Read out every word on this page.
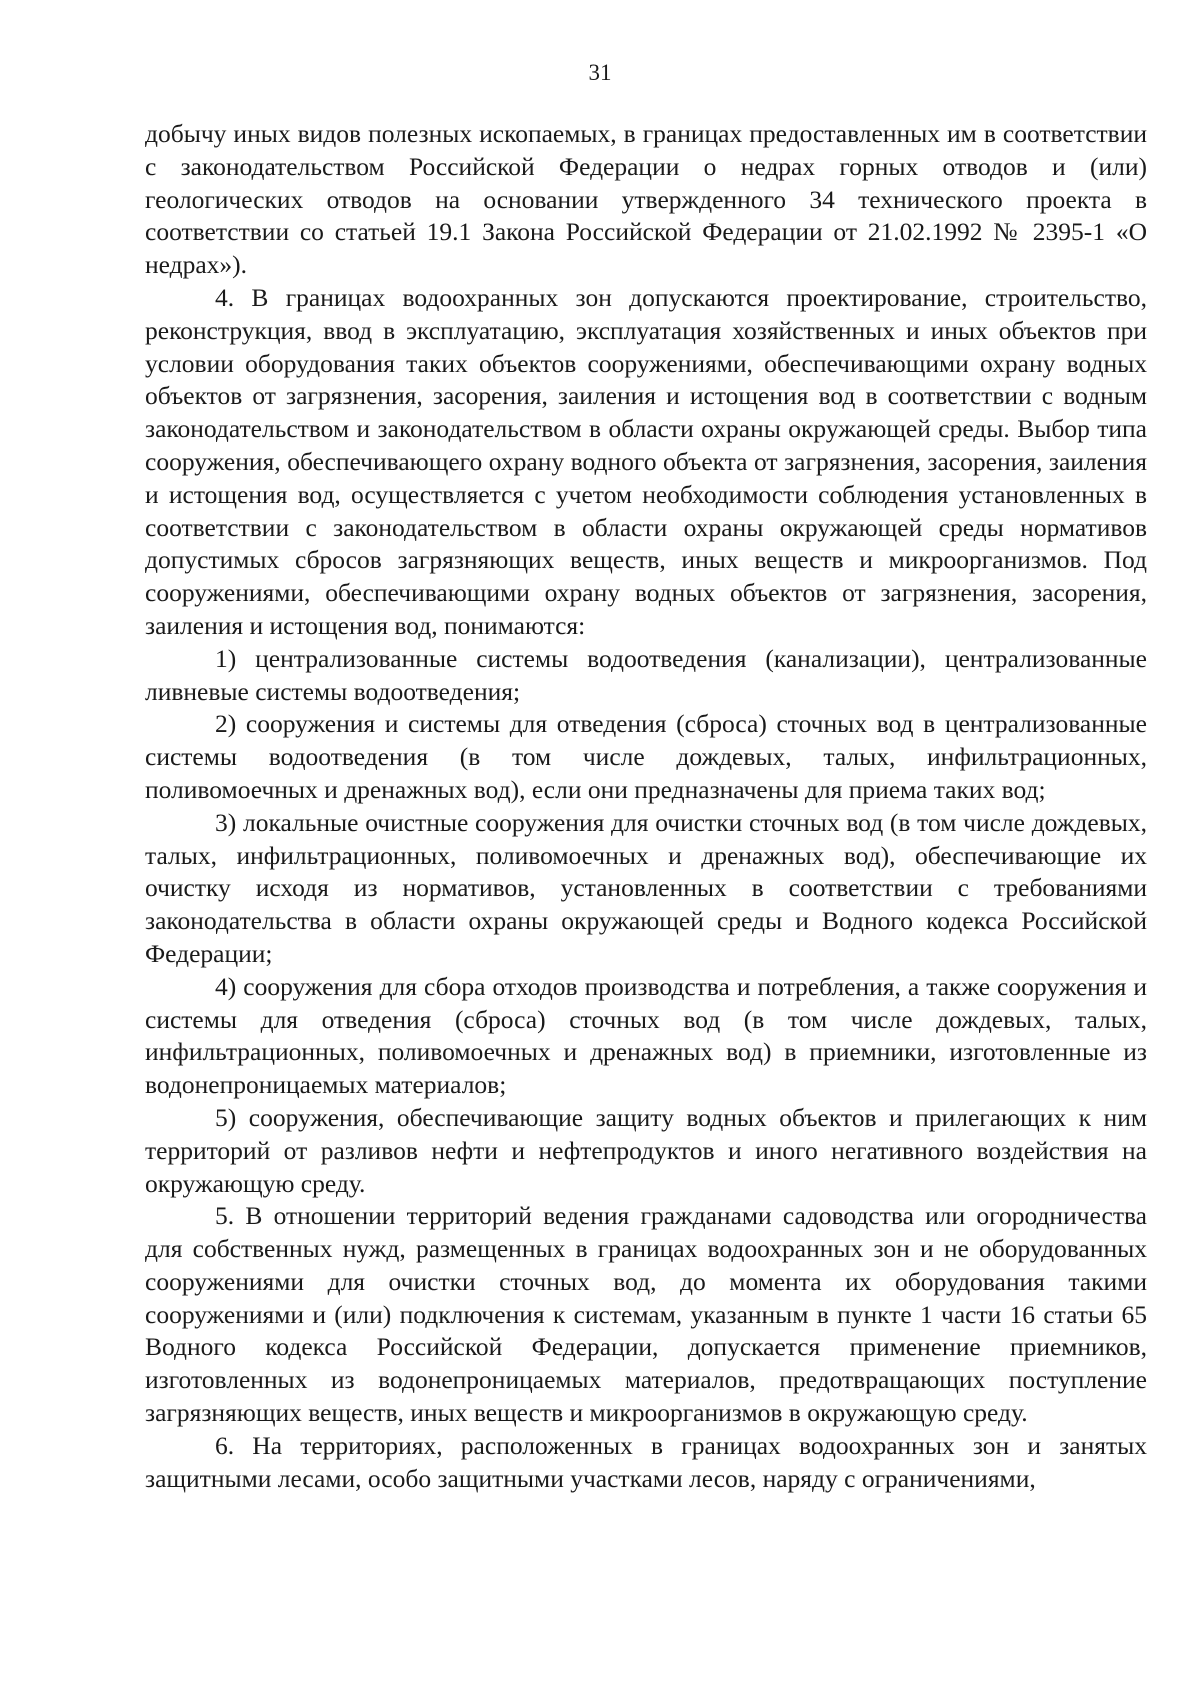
31

добычу иных видов полезных ископаемых, в границах предоставленных им в соответствии с законодательством Российской Федерации о недрах горных отводов и (или) геологических отводов на основании утвержденного 34 технического проекта в соответствии со статьей 19.1 Закона Российской Федерации от 21.02.1992 № 2395-1 «О недрах»).

4. В границах водоохранных зон допускаются проектирование, строительство, реконструкция, ввод в эксплуатацию, эксплуатация хозяйственных и иных объектов при условии оборудования таких объектов сооружениями, обеспечивающими охрану водных объектов от загрязнения, засорения, заиления и истощения вод в соответствии с водным законодательством и законодательством в области охраны окружающей среды. Выбор типа сооружения, обеспечивающего охрану водного объекта от загрязнения, засорения, заиления и истощения вод, осуществляется с учетом необходимости соблюдения установленных в соответствии с законодательством в области охраны окружающей среды нормативов допустимых сбросов загрязняющих веществ, иных веществ и микроорганизмов. Под сооружениями, обеспечивающими охрану водных объектов от загрязнения, засорения, заиления и истощения вод, понимаются:

1) централизованные системы водоотведения (канализации), централизованные ливневые системы водоотведения;

2) сооружения и системы для отведения (сброса) сточных вод в централизованные системы водоотведения (в том числе дождевых, талых, инфильтрационных, поливомоечных и дренажных вод), если они предназначены для приема таких вод;

3) локальные очистные сооружения для очистки сточных вод (в том числе дождевых, талых, инфильтрационных, поливомоечных и дренажных вод), обеспечивающие их очистку исходя из нормативов, установленных в соответствии с требованиями законодательства в области охраны окружающей среды и Водного кодекса Российской Федерации;

4) сооружения для сбора отходов производства и потребления, а также сооружения и системы для отведения (сброса) сточных вод (в том числе дождевых, талых, инфильтрационных, поливомоечных и дренажных вод) в приемники, изготовленные из водонепроницаемых материалов;

5) сооружения, обеспечивающие защиту водных объектов и прилегающих к ним территорий от разливов нефти и нефтепродуктов и иного негативного воздействия на окружающую среду.

5. В отношении территорий ведения гражданами садоводства или огородничества для собственных нужд, размещенных в границах водоохранных зон и не оборудованных сооружениями для очистки сточных вод, до момента их оборудования такими сооружениями и (или) подключения к системам, указанным в пункте 1 части 16 статьи 65 Водного кодекса Российской Федерации, допускается применение приемников, изготовленных из водонепроницаемых материалов, предотвращающих поступление загрязняющих веществ, иных веществ и микроорганизмов в окружающую среду.

6. На территориях, расположенных в границах водоохранных зон и занятых защитными лесами, особо защитными участками лесов, наряду с ограничениями,
